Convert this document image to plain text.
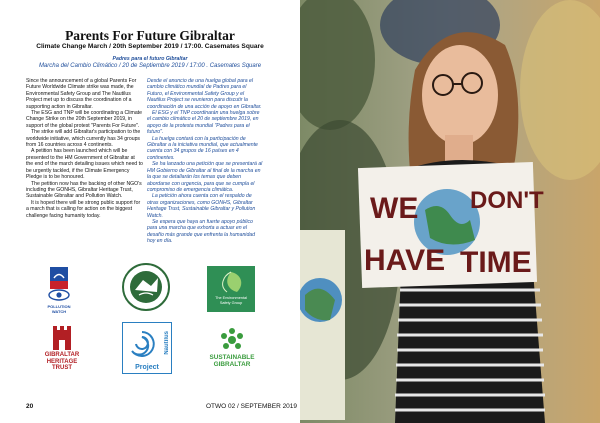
Parents For Future Gibraltar
Climate Change March / 20th September 2019 / 17:00. Casemates Square
Padres para el futuro Gibraltar
Marcha del Cambio Climático / 20 de Septiembre 2019 / 17:00 . Casemates Square

Since the announcement of a global Parents For Future Worldwide Climate strike was made, the Environmental Safety Group and The Nautilus Project met up to discuss the coordination of a supporting action in Gibraltar.

The ESG and TNP will be coordinating a Climate Change Strike on the 20th September 2019, in support of the global protest "Parents For Future".

The strike will add Gibraltar's participation to the worldwide initiative, which currently has 34 groups from 16 countries across 4 continents.

A petition has been launched which will be presented to the HM Government of Gibraltar at the end of the march detailing issues which need to be urgently tackled, if the Climate Emergency Pledge is to be honoured.

The petition now has the backing of other NGO's including the GONHS, Gibraltar Heritage Trust, Sustainable Gibraltar and Pollution Watch.

It is hoped there will be strong public support for a march that is calling for action on the biggest challenge facing humanity today.

Desde el anuncio de una huelga global para el cambio climático mundial de Padres para el Futuro, el Environmental Safety Group y el Nautilus Project se reunieron para discutir la coordinación de una acción de apoyo en Gibraltar.

El ESG y el TNP coordinarán una huelga sobre el cambio climático el 20 de septiembre 2019, en apoyo de la protesta mundial "Padres para el futuro".

La huelga contará con la participación de Gibraltar a la iniciativa mundial, que actualmente cuenta con 34 grupos de 16 países en 4 continentes.

Se ha lanzado una petición que se presentará al HM Gobierno de Gibraltar al final de la marcha en la que se detallarán los temas que deben abordarse con urgencia, para que se cumpla el compromiso de emergencia climática.

La petición ahora cuenta con el respaldo de otras organizaciones, como GONHS, Gibraltar Heritage Trust, Sustainable Gibraltar y Pollution Watch.

Se espera que haya un fuerte apoyo público para una marcha que exhorta a actuar en el desafío más grande que enfrenta la humanidad hoy en día.

POLLUTION WATCH
The Environmental Safety Group
GIBRALTAR
HERITAGE
TRUST
Nautilus
Project
SUSTAINABLE
GIBRALTAR
20	OTWO 02 / SEPTEMBER 2019
WE DON'T
HAVE TIME
